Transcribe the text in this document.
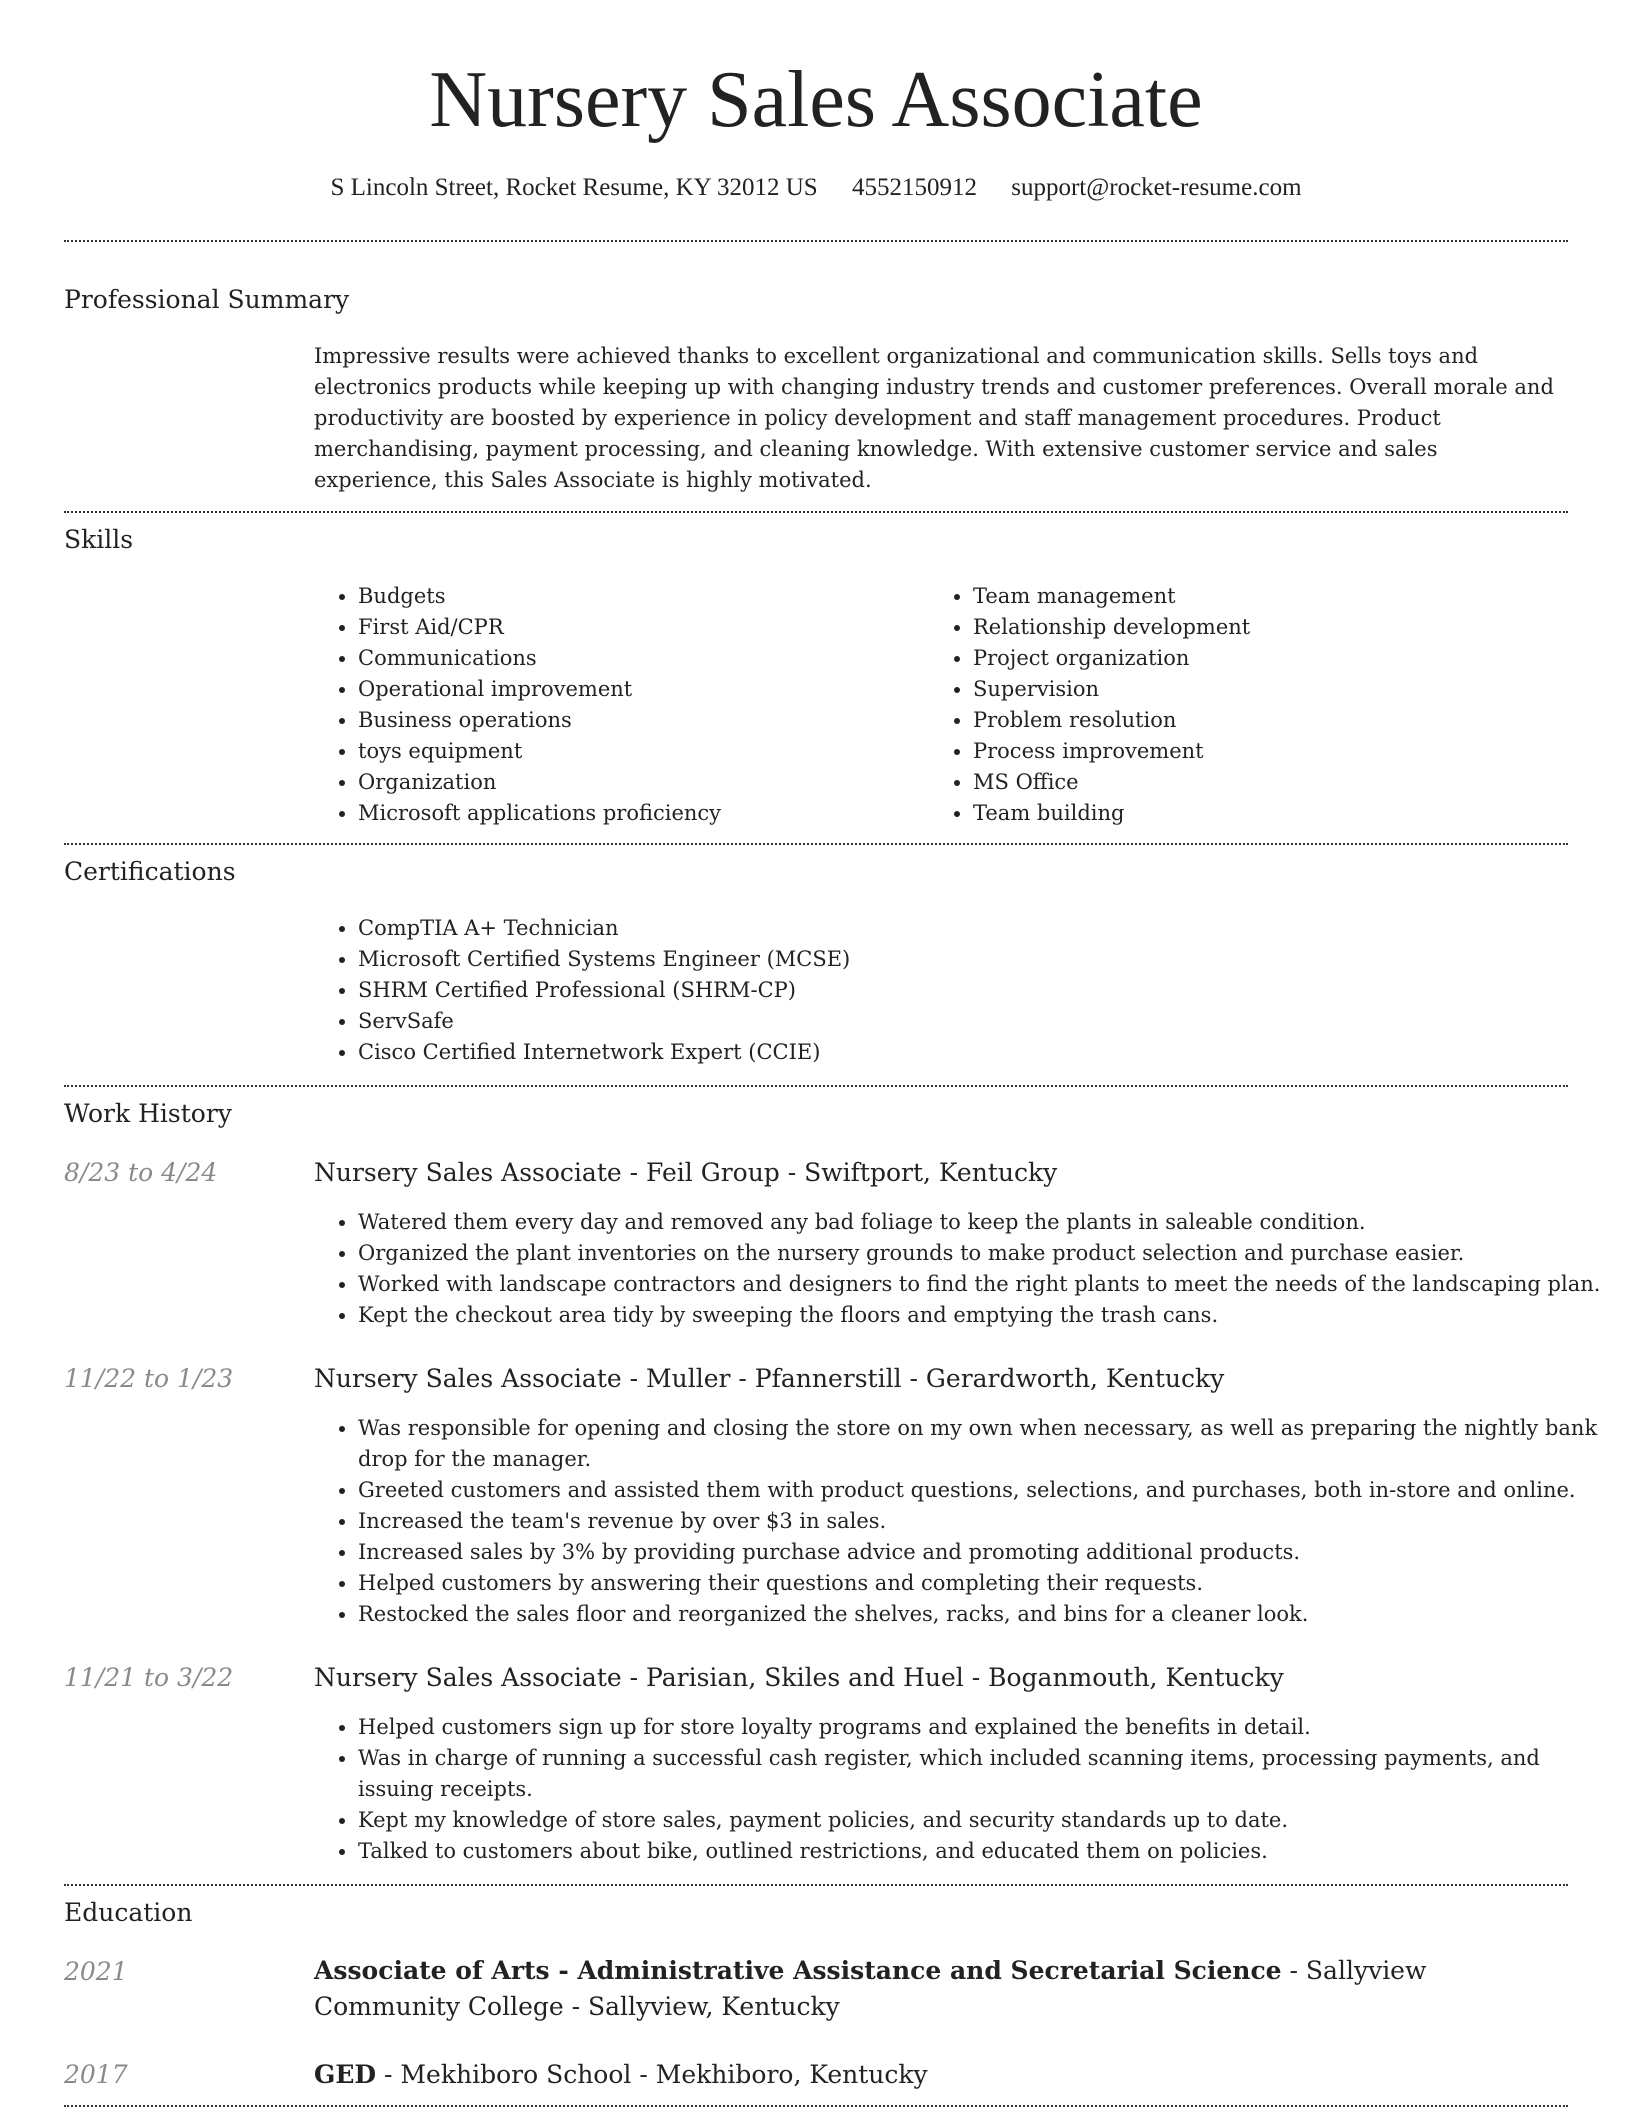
Nursery Sales Associate
S Lincoln Street, Rocket Resume, KY 32012 US 4552150912 support@rocket-resume.com
Professional Summary

Impressive results were achieved thanks to excellent organizational and communication skills. Sells toys and electronics products while keeping up with changing industry trends and customer preferences. Overall morale and productivity are boosted by experience in policy development and staff management procedures. Product merchandising, payment processing, and cleaning knowledge. With extensive customer service and sales experience, this Sales Associate is highly motivated.

Skills
• Budgets
• First Aid/CPR
• Communications
• Operational improvement
• Business operations
• toys equipment
• Organization
• Microsoft applications proficiency
• Team management
• Relationship development
• Project organization
• Supervision
• Problem resolution
• Process improvement
• MS Office
• Team building
Certifications
• CompTIA A+ Technician
• Microsoft Certified Systems Engineer (MCSE)
• SHRM Certified Professional (SHRM-CP)
• ServSafe
• Cisco Certified Internetwork Expert (CCIE)
Work History
8/23 to 4/24	Nursery Sales Associate - Feil Group - Swiftport, Kentucky
• Watered them every day and removed any bad foliage to keep the plants in saleable condition.
• Organized the plant inventories on the nursery grounds to make product selection and purchase easier.
• Worked with landscape contractors and designers to find the right plants to meet the needs of the landscaping plan.
• Kept the checkout area tidy by sweeping the floors and emptying the trash cans.
11/22 to 1/23	Nursery Sales Associate - Muller - Pfannerstill - Gerardworth, Kentucky
• Was responsible for opening and closing the store on my own when necessary, as well as preparing the nightly bank drop for the manager.
• Greeted customers and assisted them with product questions, selections, and purchases, both in-store and online.
• Increased the team's revenue by over $3 in sales.
• Increased sales by 3% by providing purchase advice and promoting additional products.
• Helped customers by answering their questions and completing their requests.
• Restocked the sales floor and reorganized the shelves, racks, and bins for a cleaner look.
11/21 to 3/22	Nursery Sales Associate - Parisian, Skiles and Huel - Boganmouth, Kentucky
• Helped customers sign up for store loyalty programs and explained the benefits in detail.
• Was in charge of running a successful cash register, which included scanning items, processing payments, and issuing receipts.
• Kept my knowledge of store sales, payment policies, and security standards up to date.
• Talked to customers about bike, outlined restrictions, and educated them on policies.
Education
2021	Associate of Arts - Administrative Assistance and Secretarial Science - Sallyview Community College - Sallyview, Kentucky
2017	GED - Mekhiboro School - Mekhiboro, Kentucky
